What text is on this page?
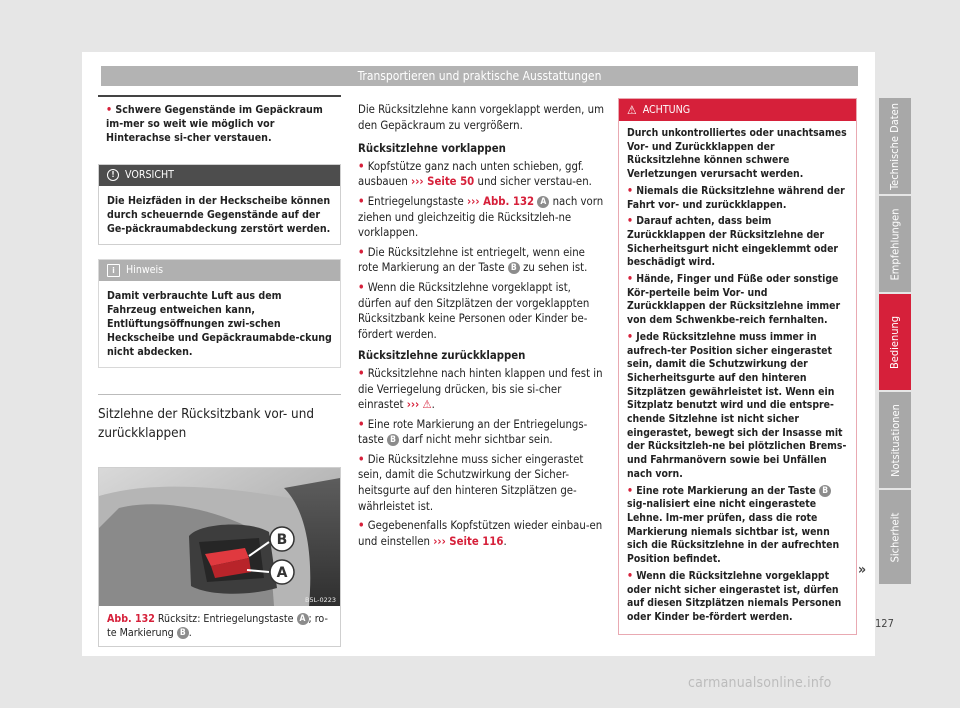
Transportieren und praktische Ausstattungen
• Schwere Gegenstände im Gepäckraum im-mer so weit wie möglich vor Hinterachse si-cher verstauen.
! VORSICHT
Die Heizfäden in der Heckscheibe können durch scheuernde Gegenstände auf der Ge-päckraumabdeckung zerstört werden.
i	Hinweis
Damit verbrauchte Luft aus dem Fahrzeug entweichen kann, Entlüftungsöffnungen zwi-schen Heckscheibe und Gepäckraumabde-ckung nicht abdecken.
Sitzlehne der Rücksitzbank vor- und zurückklappen
B
A
B5L-0223
Abb. 132 Rücksitz: Entriegelungstaste A ; ro-te Markierung B .

Die Rücksitzlehne kann vorgeklappt werden, um den Gepäckraum zu vergrößern.

Rücksitzlehne vorklappen

• Kopfstütze ganz nach unten schieben, ggf. ausbauen ››› Seite 50 und sicher verstau-en.

• Entriegelungstaste ››› Abb. 132 A nach vorn ziehen und gleichzeitig die Rücksitzleh-ne vorklappen.

• Die Rücksitzlehne ist entriegelt, wenn eine rote Markierung an der Taste B zu sehen ist.

• Wenn die Rücksitzlehne vorgeklappt ist, dürfen auf den Sitzplätzen der vorgeklappten Rücksitzbank keine Personen oder Kinder be-fördert werden.

Rücksitzlehne zurückklappen

• Rücksitzlehne nach hinten klappen und fest in die Verriegelung drücken, bis sie si-cher einrastet ››› ⚠.

• Eine rote Markierung an der Entriegelungs-taste B darf nicht mehr sichtbar sein.

• Die Rücksitzlehne muss sicher eingerastet sein, damit die Schutzwirkung der Sicher-heitsgurte auf den hinteren Sitzplätzen ge-währleistet ist.

• Gegebenenfalls Kopfstützen wieder einbau-en und einstellen ››› Seite 116.

⚠ ACHTUNG

Durch unkontrolliertes oder unachtsames Vor- und Zurückklappen der Rücksitzlehne können schwere Verletzungen verursacht werden.

• Niemals die Rücksitzlehne während der Fahrt vor- und zurückklappen.

• Darauf achten, dass beim Zurückklappen der Rücksitzlehne der Sicherheitsgurt nicht eingeklemmt oder beschädigt wird.

• Hände, Finger und Füße oder sonstige Kör-perteile beim Vor- und Zurückklappen der Rücksitzlehne immer von dem Schwenkbe-reich fernhalten.

• Jede Rücksitzlehne muss immer in aufrech-ter Position sicher eingerastet sein, damit die Schutzwirkung der Sicherheitsgurte auf den hinteren Sitzplätzen gewährleistet ist. Wenn ein Sitzplatz benutzt wird und die entspre-chende Sitzlehne ist nicht sicher eingerastet, bewegt sich der Insasse mit der Rücksitzleh-ne bei plötzlichen Brems- und Fahrmanövern sowie bei Unfällen nach vorn.

• Eine rote Markierung an der Taste B sig-nalisiert eine nicht eingerastete Lehne. Im-mer prüfen, dass die rote Markierung niemals sichtbar ist, wenn sich die Rücksitzlehne in der aufrechten Position befindet.

• Wenn die Rücksitzlehne vorgeklappt oder nicht sicher eingerastet ist, dürfen auf diesen Sitzplätzen niemals Personen oder Kinder be-fördert werden.

»
Technische Daten
Empfehlungen
Bedienung
Notsituationen
Sicherheit
127
carmanualsonline.info
